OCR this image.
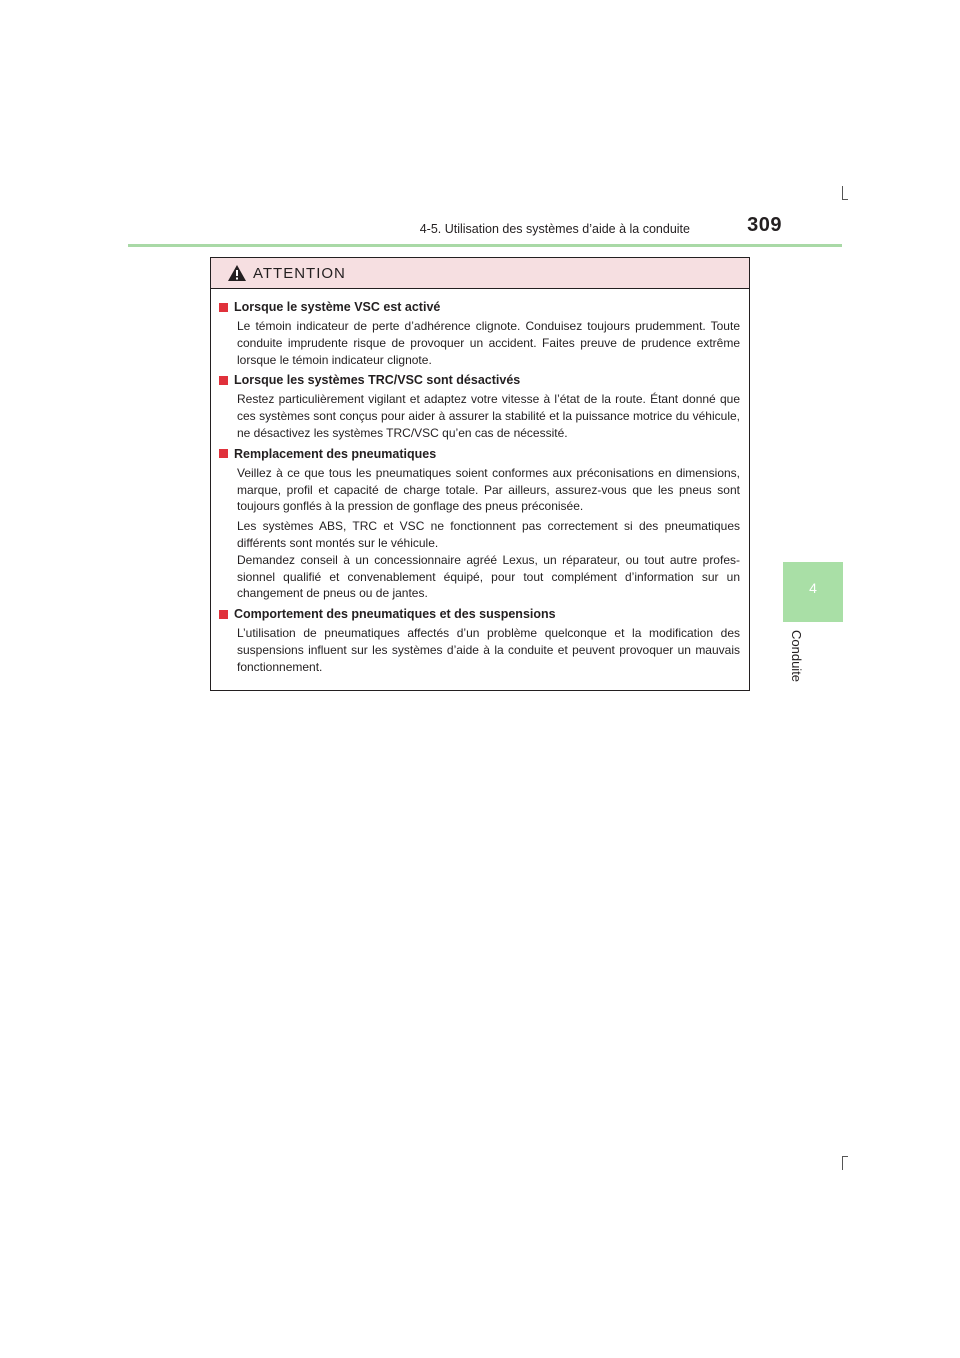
4-5. Utilisation des systèmes d’aide à la conduite	309
4
Conduite
ATTENTION
Lorsque le système VSC est activé
Le témoin indicateur de perte d’adhérence clignote. Conduisez toujours prudemment. Toute conduite imprudente risque de provoquer un accident. Faites preuve de prudence extrême lorsque le témoin indicateur clignote.
Lorsque les systèmes TRC/VSC sont désactivés
Restez particulièrement vigilant et adaptez votre vitesse à l’état de la route. Étant donné que ces systèmes sont conçus pour aider à assurer la stabilité et la puissance motrice du véhicule, ne désactivez les systèmes TRC/VSC qu’en cas de nécessité.
Remplacement des pneumatiques
Veillez à ce que tous les pneumatiques soient conformes aux préconisations en dimensions, marque, profil et capacité de charge totale. Par ailleurs, assurez-vous que les pneus sont toujours gonflés à la pression de gonflage des pneus préconisée.
Les systèmes ABS, TRC et VSC ne fonctionnent pas correctement si des pneumatiques différents sont montés sur le véhicule.
Demandez conseil à un concessionnaire agréé Lexus, un réparateur, ou tout autre profes-sionnel qualifié et convenablement équipé, pour tout complément d’information sur un changement de pneus ou de jantes.
Comportement des pneumatiques et des suspensions
L’utilisation de pneumatiques affectés d’un problème quelconque et la modification des suspensions influent sur les systèmes d’aide à la conduite et peuvent provoquer un mauvais fonctionnement.
